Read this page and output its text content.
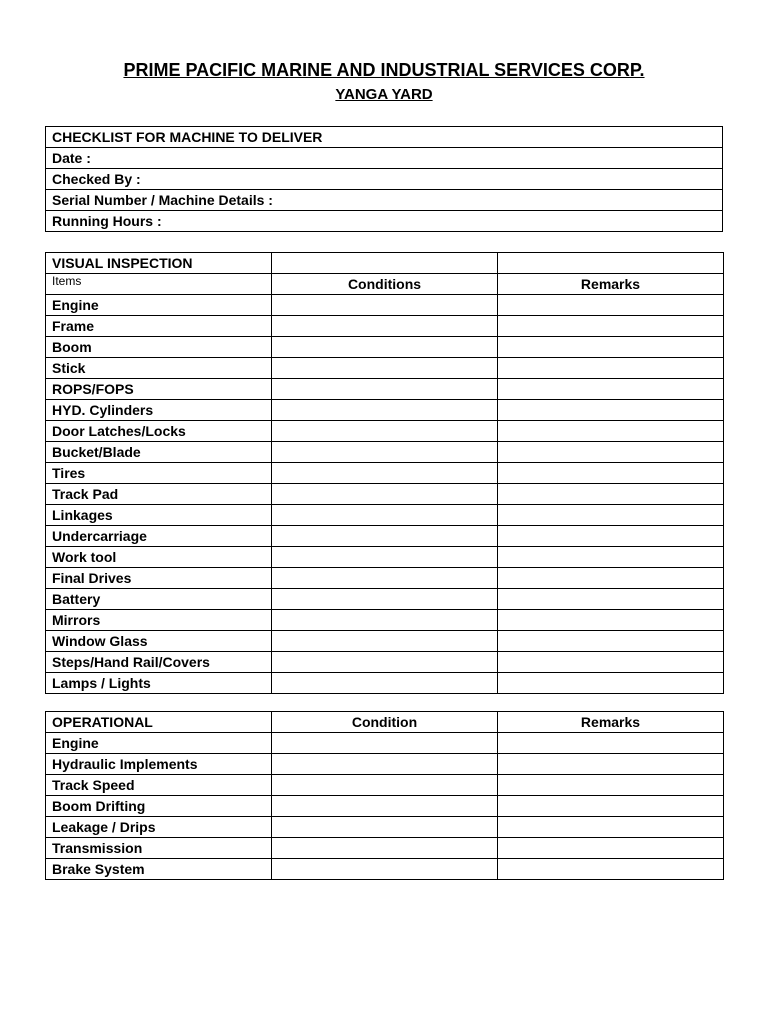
PRIME PACIFIC MARINE AND INDUSTRIAL SERVICES CORP.
YANGA YARD
CHECKLIST FOR MACHINE TO DELIVER
Date :
Checked By :
Serial Number / Machine Details :
Running Hours :
VISUAL INSPECTION		
Items	Conditions	Remarks
Engine		
Frame		
Boom		
Stick		
ROPS/FOPS		
HYD. Cylinders		
Door Latches/Locks		
Bucket/Blade		
Tires		
Track Pad		
Linkages		
Undercarriage		
Work tool		
Final Drives		
Battery		
Mirrors		
Window Glass		
Steps/Hand Rail/Covers		
Lamps / Lights		
OPERATIONAL	Condition	Remarks
Engine		
Hydraulic Implements		
Track Speed		
Boom Drifting		
Leakage / Drips		
Transmission		
Brake System		
